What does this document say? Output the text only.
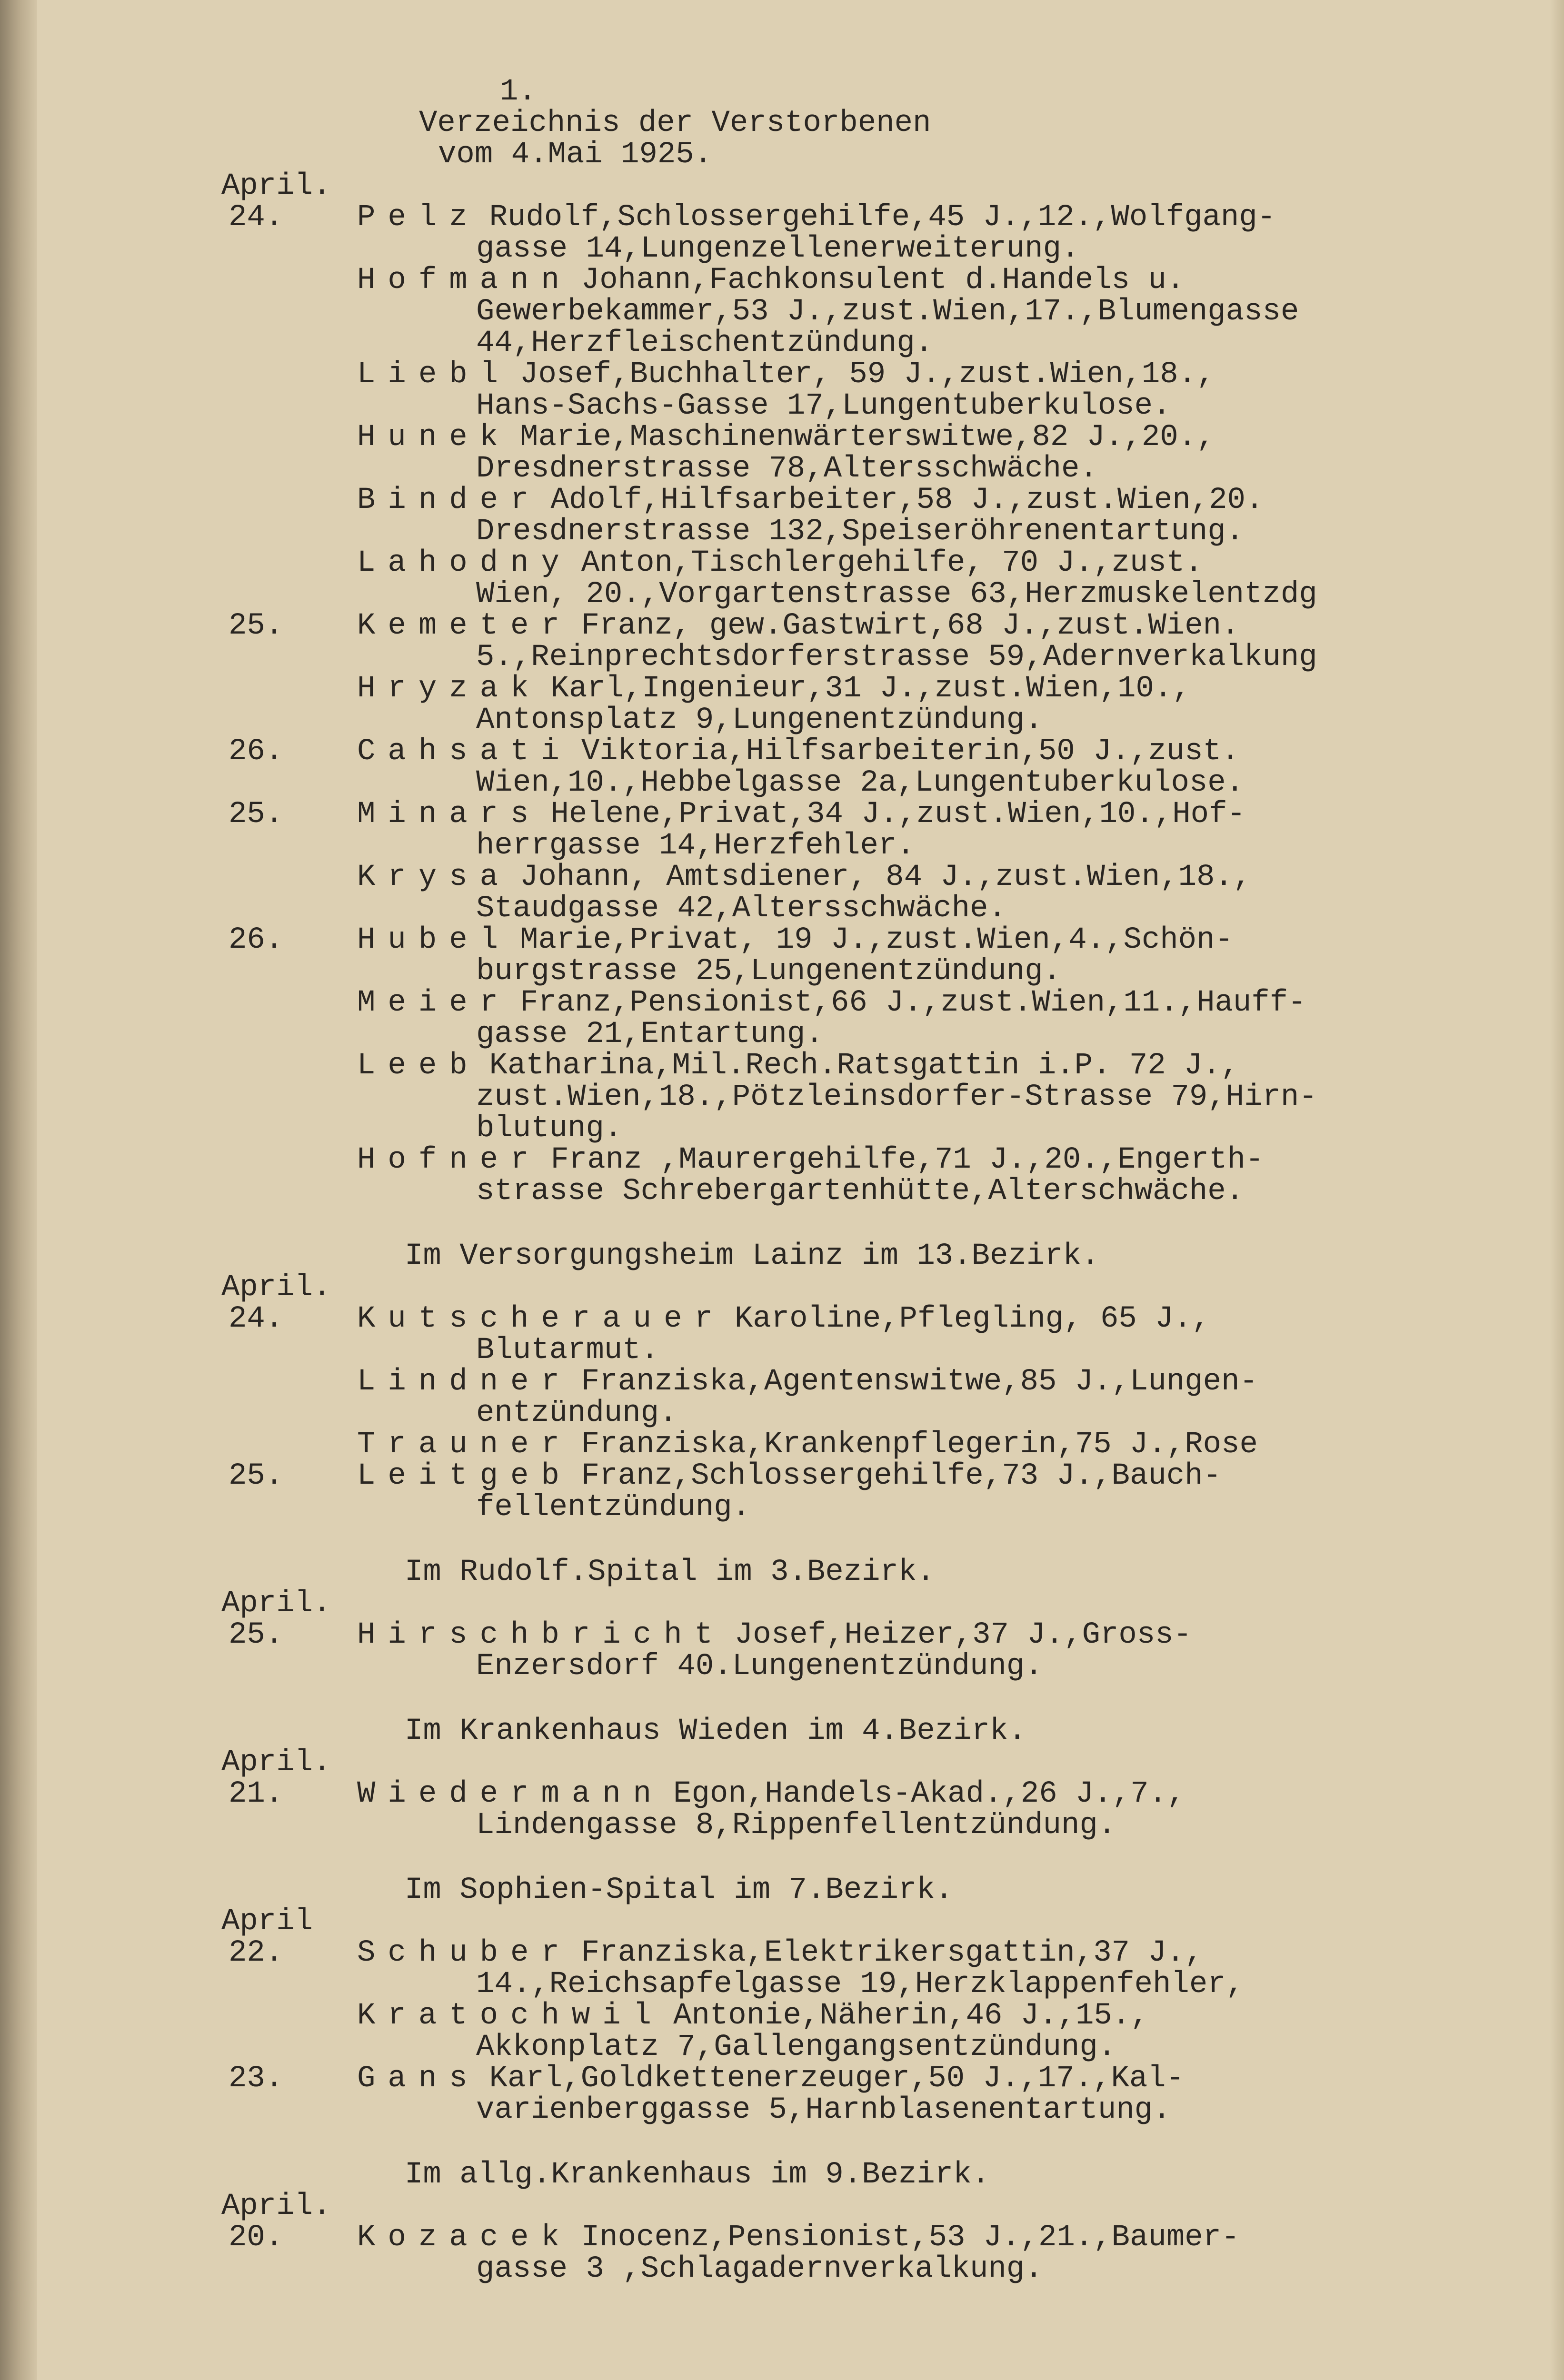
1.
Verzeichnis der Verstorbenen
vom 4.Mai 1925.
April.
24. Pelz Rudolf,Schlossergehilfe,45 J.,12.,Wolfgang-
gasse 14,Lungenzellenerweiterung.
Hofmann Johann,Fachkonsulent d.Handels u.
Gewerbekammer,53 J.,zust.Wien,17.,Blumengasse
44,Herzfleischentzündung.
Liebl Josef,Buchhalter, 59 J.,zust.Wien,18.,
Hans-Sachs-Gasse 17,Lungentuberkulose.
Hunek Marie,Maschinenwärterswitwe,82 J.,20.,
Dresdnerstrasse 78,Altersschwäche.
Binder Adolf,Hilfsarbeiter,58 J.,zust.Wien,20.
Dresdnerstrasse 132,Speiseröhrenentartung.
Lahodny Anton,Tischlergehilfe, 70 J.,zust.
Wien, 20.,Vorgartenstrasse 63,Herzmuskelentzdg
25. Kemeter Franz, gew.Gastwirt,68 J.,zust.Wien.
5.,Reinprechtsdorferstrasse 59,Adernverkalkung
Hryzak Karl,Ingenieur,31 J.,zust.Wien,10.,
Antonsplatz 9,Lungenentzündung.
26. Cahsati Viktoria,Hilfsarbeiterin,50 J.,zust.
Wien,10.,Hebbelgasse 2a,Lungentuberkulose.
25. Minars Helene,Privat,34 J.,zust.Wien,10.,Hof-
herrgasse 14,Herzfehler.
Krysa Johann, Amtsdiener, 84 J.,zust.Wien,18.,
Staudgasse 42,Altersschwäche.
26. Hubel Marie,Privat, 19 J.,zust.Wien,4.,Schön-
burgstrasse 25,Lungenentzündung.
Meier Franz,Pensionist,66 J.,zust.Wien,11.,Hauff-
gasse 21,Entartung.
Leeb Katharina,Mil.Rech.Ratsgattin i.P. 72 J.,
zust.Wien,18.,Pötzleinsdorfer-Strasse 79,Hirn-
blutung.
Hofner Franz ,Maurergehilfe,71 J.,20.,Engerth-
strasse Schrebergartenhütte,Alterschwäche.
Im Versorgungsheim Lainz im 13.Bezirk.
April.
24. Kutscherauer Karoline,Pflegling, 65 J.,
Blutarmut.
Lindner Franziska,Agentenswitwe,85 J.,Lungen-
entzündung.
Trauner Franziska,Krankenpflegerin,75 J.,Rose
25. Leitgeb Franz,Schlossergehilfe,73 J.,Bauch-
fellentzündung.
Im Rudolf.Spital im 3.Bezirk.
April.
25. Hirschbricht Josef,Heizer,37 J.,Gross-
Enzersdorf 40.Lungenentzündung.
Im Krankenhaus Wieden im 4.Bezirk.
April.
21. Wiedermann Egon,Handels-Akad.,26 J.,7.,
Lindengasse 8,Rippenfellentzündung.
Im Sophien-Spital im 7.Bezirk.
April
22. Schuber Franziska,Elektrikersgattin,37 J.,
14.,Reichsapfelgasse 19,Herzklappenfehler,
Kratochwil Antonie,Näherin,46 J.,15.,
Akkonplatz 7,Gallengangsentzündung.
23. Gans Karl,Goldkettenerzeuger,50 J.,17.,Kal-
varienberggasse 5,Harnblasenentartung.
Im allg.Krankenhaus im 9.Bezirk.
April.
20. Kozacek Inocenz,Pensionist,53 J.,21.,Baumer-
gasse 3 ,Schlagadernverkalkung.
